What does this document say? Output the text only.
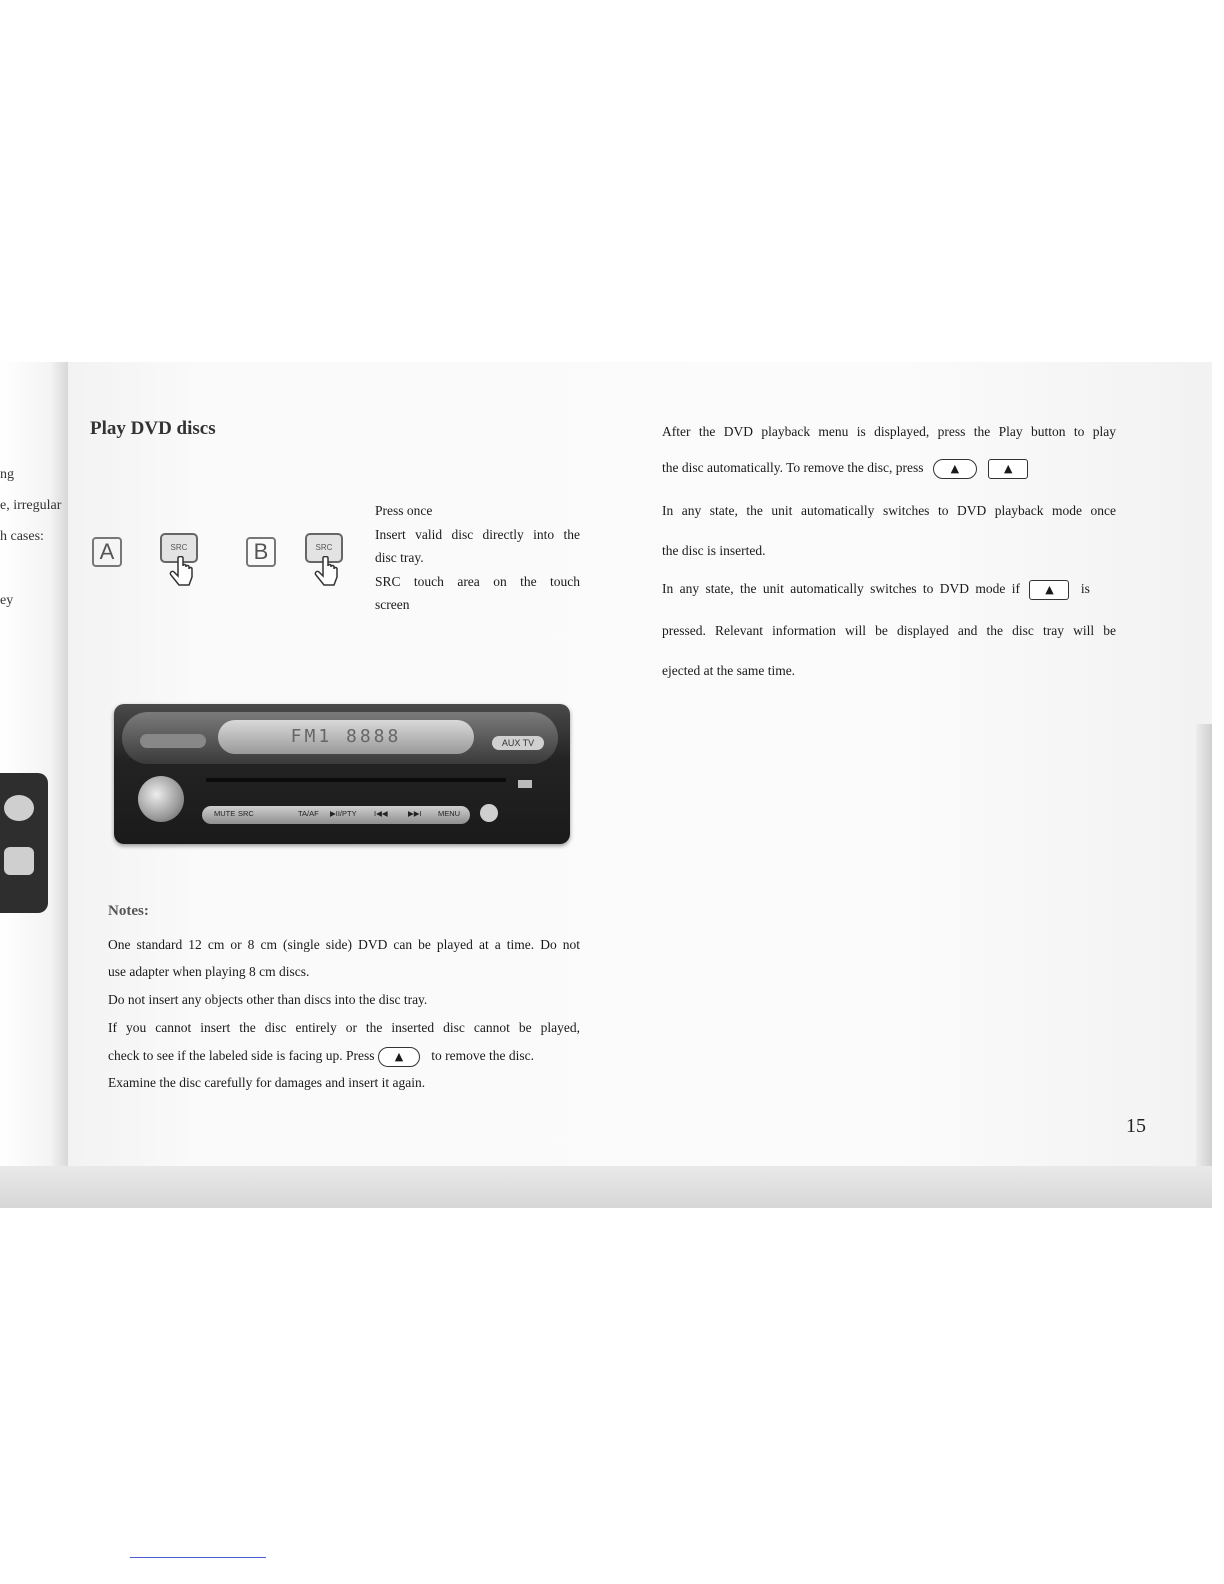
ng
e, irregular
h cases:
ey

Play DVD discs
A	SRC	B	SRC

Press once

Insert valid disc directly into the

disc tray.

SRC touch area on the touch

screen

FM1 8888	AUX TV
MUTE SRC	TA/AF ▶II/PTY I◀◀	▶▶I MENU
Notes:
One standard 12 cm or 8 cm (single side) DVD can be played at a time. Do not
use adapter when playing 8 cm discs.
Do not insert any objects other than discs into the disc tray.
If you cannot insert the disc entirely or the inserted disc cannot be played,
check to see if the labeled side is facing up. Press ▲ to remove the disc.
Examine the disc carefully for damages and insert it again.
After the DVD playback menu is displayed, press the Play button to play
the disc automatically. To remove the disc, press ▲	▲
In any state, the unit automatically switches to DVD playback mode once
the disc is inserted.
In any state, the unit automatically switches to DVD mode if ▲ is
pressed. Relevant information will be displayed and the disc tray will be
ejected at the same time.
15
